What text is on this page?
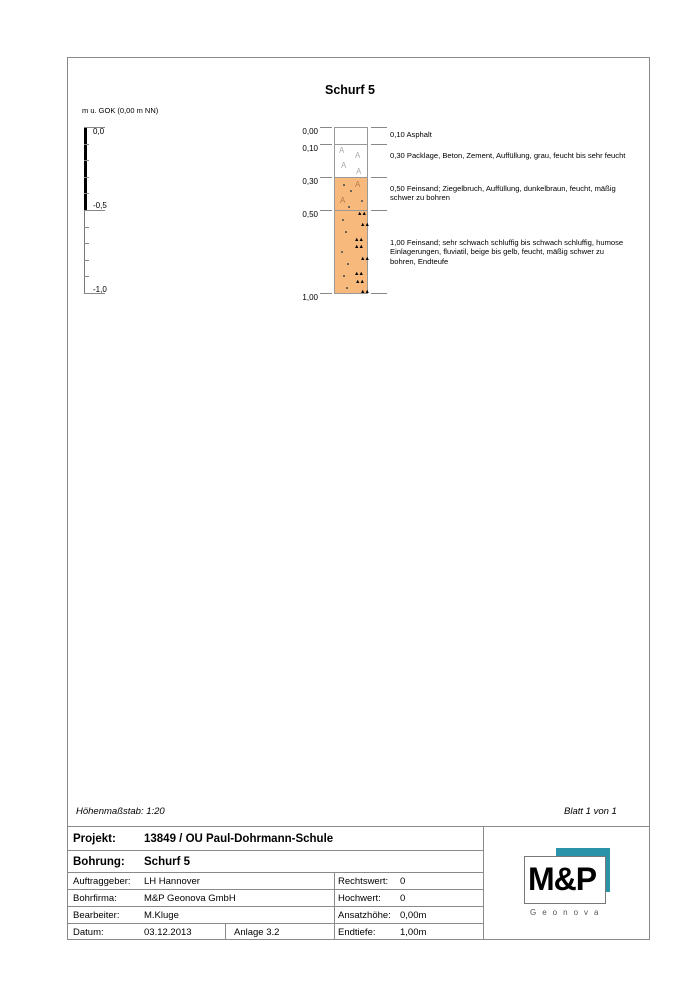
Schurf 5
m u. GOK (0,00 m NN)
0,0
-0,5
-1,0
0,00
0,10
0,30
0,50
1,00
A
A
A
A
A
A
▲▲
▲▲
▲▲
▲▲
▲▲
▲▲
▲▲
▲▲
0,10 Asphalt
0,30 Packlage, Beton, Zement, Auffüllung, grau, feucht bis sehr feucht
0,50 Feinsand; Ziegelbruch, Auffüllung, dunkelbraun, feucht, mäßig schwer zu bohren
1,00 Feinsand; sehr schwach schluffig bis schwach schluffig, humose Einlagerungen, fluviatil, beige bis gelb, feucht, mäßig schwer zu bohren, Endteufe
Höhenmaßstab: 1:20	Blatt 1 von 1
Projekt: 13849 / OU Paul-Dohrmann-Schule
Bohrung: Schurf 5
Auftraggeber: LH Hannover
Bohrfirma:	M&P Geonova GmbH
Bearbeiter:	M.Kluge
Datum:	03.12.2013	Anlage 3.2
Rechtswert: 0
Hochwert: 0
Ansatzhöhe: 0,00m
Endtiefe:	1,00m
M&P
Geonova
